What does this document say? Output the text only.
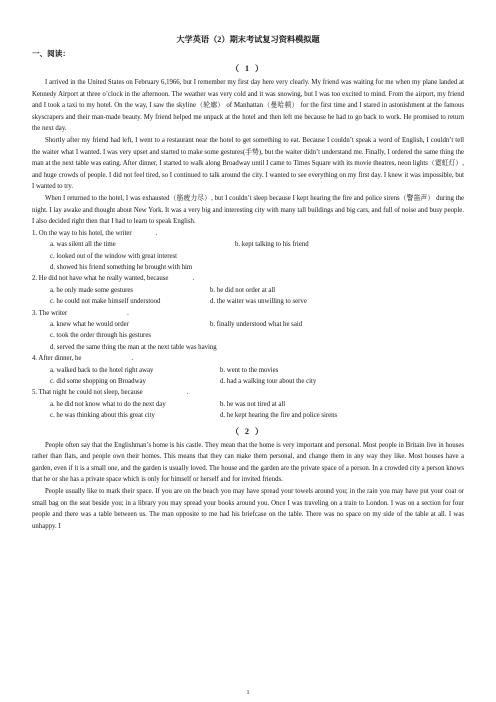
大学英语（2）期末考试复习资料模拟题
一、阅读：
（ 1 ）

I arrived in the United States on February 6,1966, but I remember my first day here very clearly. My friend was waiting for me when my plane landed at Kennedy Airport at three o’clock in the afternoon. The weather was very cold and it was snowing, but I was too excited to mind. From the airport, my friend and I took a taxi to my hotel. On the way, I saw the skyline（轮廓） of Manhattan（曼哈顿） for the first time and I stared in astonishment at the famous skyscrapers and their man-made beauty. My friend helped me unpack at the hotel and then left me because he had to go back to work. He promised to return the next day.

Shortly after my friend had left, I went to a restaurant near the hotel to get something to eat. Because I couldn’t speak a word of English, I couldn’t tell the waiter what I wanted. I was very upset and started to make some gestures(手势), but the waiter didn’t understand me. Finally, I ordered the same thing the man at the next table was eating. After dinner, I started to walk along Broadway until I came to Times Square with its movie theatres, neon lights（霓虹灯）, and huge crowds of people. I did not feel tired, so I continued to talk around the city. I wanted to see everything on my first day. I knew it was impossible, but I wanted to try.

When I returned to the hotel, I was exhausted（筋疲力尽）, but I couldn’t sleep because I kept hearing the fire and police sirens（警笛声） during the night. I lay awake and thought about New York. It was a very big and interesting city with many tall buildings and big cars, and full of noise and busy people. I also decided right then that I had to learn to speak English.

1. On the way to his hotel, the writer	.
a. was silent all the time	b. kept talking to his friend
c. looked out of the window with great interest
d. showed his friend something he brought with him
2. He did not have what he really wanted, because	.
a. he only made some gestures	b. he did not order at all
c. he could not make himself understood	d. the waiter was unwilling to serve
3. The writer	.
a. knew what he would order	b. finally understood what he said
c. took the order through his gestures
d. served the same thing the man at the next table was having
4. After dinner, he	.
a. walked back to the hotel right away	b. went to the movies
c. did some shopping on Broadway	d. had a walking tour about the city
5. That night he could not sleep, because	.
a. he did not know what to do the next day	b. he was not tired at all
c. he was thinking about this great city	d. he kept hearing the fire and police sirens
（ 2 ）

People often say that the Englishman’s home is his castle. They mean that the home is very important and personal. Most people in Britain live in houses rather than flats, and people own their homes. This means that they can make them personal, and change them in any way they like. Most houses have a garden, even if it is a small one, and the garden is usually loved. The house and the garden are the private space of a person. In a crowded city a person knows that he or she has a private space which is only for himself or herself and for invited friends.

People usually like to mark their space. If you are on the beach you may have spread your towels around you; in the rain you may have put your coat or small bag on the seat beside you; in a library you may spread your books around you. Once I was traveling on a train to London. I was on a section for four people and there was a table between us. The man opposite to me had his briefcase on the table. There was no space on my side of the table at all. I was unhappy. I

1
